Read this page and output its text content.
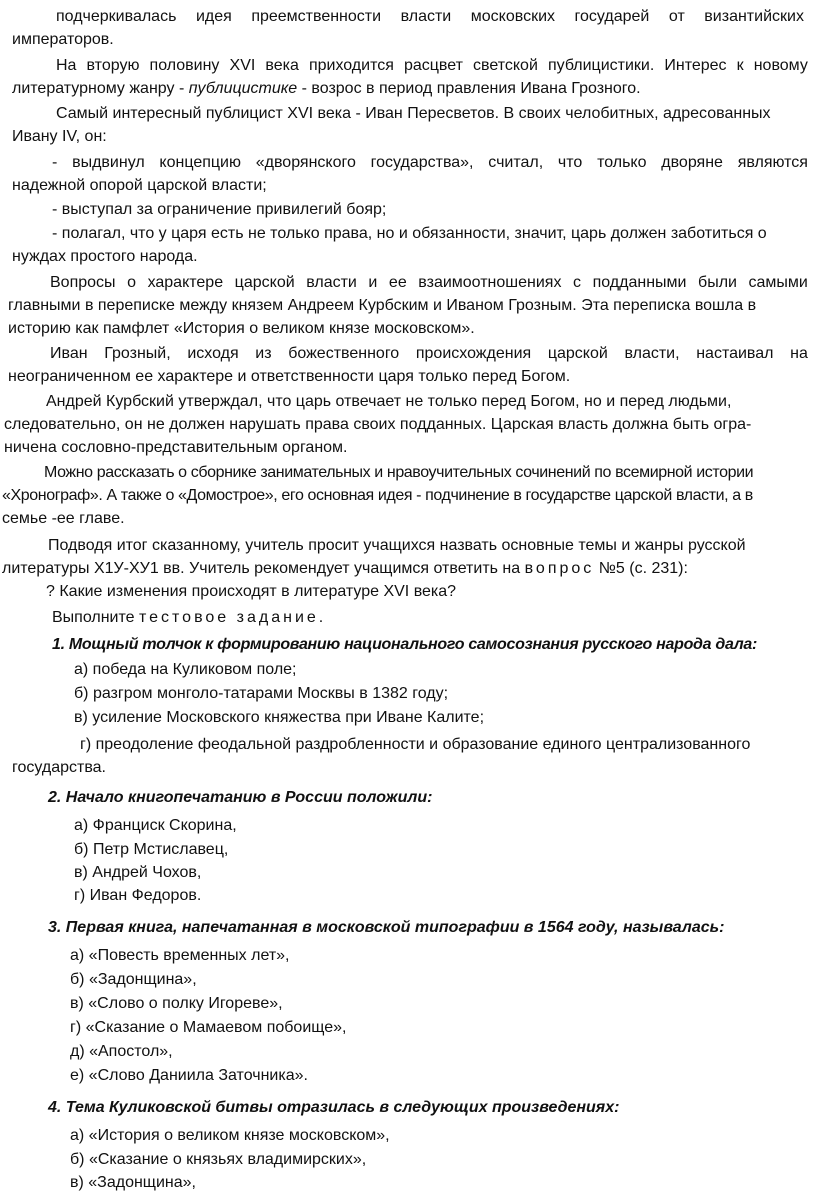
подчеркивалась идея преемственности власти московских государей от византийских
императоров.
На вторую половину XVI века приходится расцвет светской публицистики. Интерес к новому
литературному жанру - публицистике - возрос в период правления Ивана Грозного.
Самый интересный публицист XVI века - Иван Пересветов. В своих челобитных, адресованных
Ивану IV, он:
- выдвинул концепцию «дворянского государства», считал, что только дворяне являются
надежной опорой царской власти;
- выступал за ограничение привилегий бояр;
- полагал, что у царя есть не только права, но и обязанности, значит, царь должен заботиться о
нуждах простого народа.
Вопросы о характере царской власти и ее взаимоотношениях с подданными были самыми
главными в переписке между князем Андреем Курбским и Иваном Грозным. Эта переписка вошла в
историю как памфлет «История о великом князе московском».
Иван Грозный, исходя из божественного происхождения царской власти, настаивал на
неограниченном ее характере и ответственности царя только перед Богом.
Андрей Курбский утверждал, что царь отвечает не только перед Богом, но и перед людьми,
следовательно, он не должен нарушать права своих подданных. Царская власть должна быть огра-
ничена сословно-представительным органом.
Можно рассказать о сборнике занимательных и нравоучительных сочинений по всемирной истории
«Хронограф». А также о «Домострое», его основная идея - подчинение в государстве царской власти, а в
семье -ее главе.
Подводя итог сказанному, учитель просит учащихся назвать основные темы и жанры русской
литературы Х1У-ХУ1 вв. Учитель рекомендует учащимся ответить на вопрос №5 (с. 231):
? Какие изменения происходят в литературе XVI века?
Выполните тестовое задание.
1. Мощный толчок к формированию национального самосознания русского народа дала:
а) победа на Куликовом поле;
б) разгром монголо-татарами Москвы в 1382 году;
в) усиление Московского княжества при Иване Калите;
г) преодоление феодальной раздробленности и образование единого централизованного
государства.
2. Начало книгопечатанию в России положили:
а) Франциск Скорина,
б) Петр Мстиславец,
в) Андрей Чохов,
г) Иван Федоров.
3. Первая книга, напечатанная в московской типографии в 1564 году, называлась:
а) «Повесть временных лет»,
б) «Задонщина»,
в) «Слово о полку Игореве»,
г) «Сказание о Мамаевом побоище»,
д) «Апостол»,
е) «Слово Даниила Заточника».
4. Тема Куликовской битвы отразилась в следующих произведениях:
а) «История о великом князе московском»,
б) «Сказание о князьях владимирских»,
в) «Задонщина»,
